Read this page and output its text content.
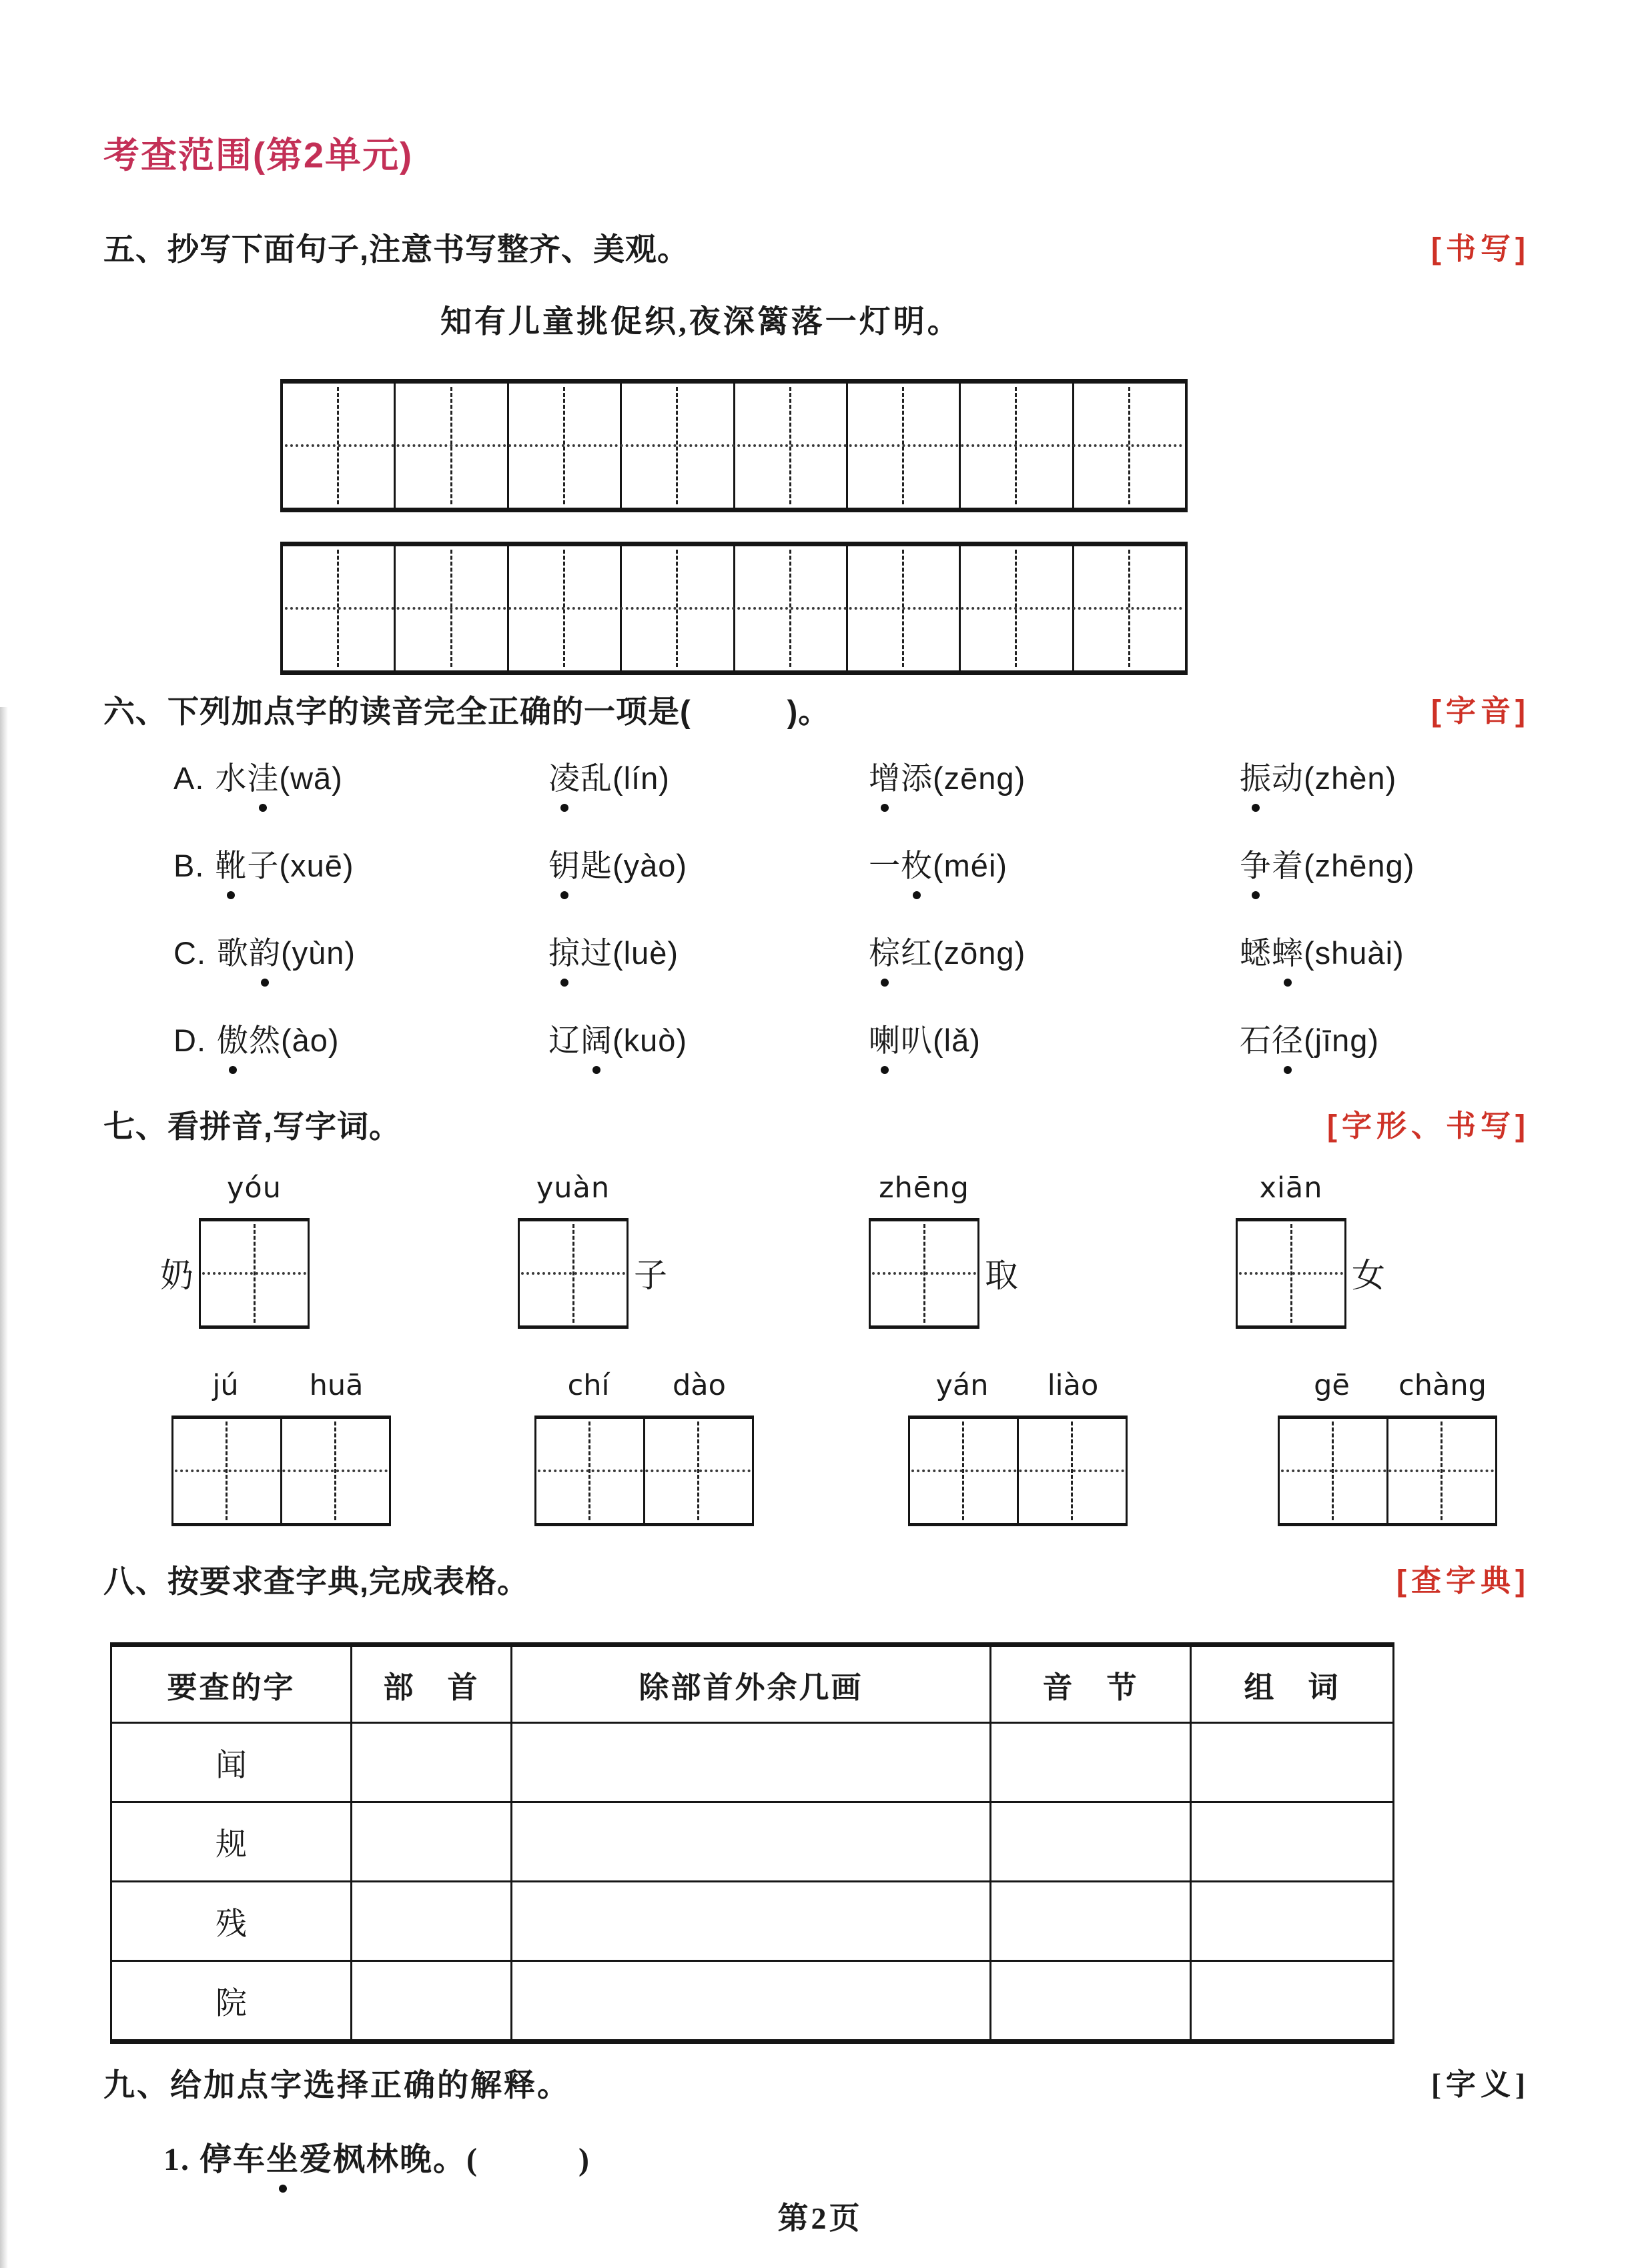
考查范围(第2单元)
五、抄写下面句子,注意书写整齐、美观。	[书写]
知有儿童挑促织,夜深篱落一灯明。
六、下列加点字的读音完全正确的一项是(　　　)。	[字音]
A. 水洼(wā)	凌乱(lín)	增添(zēng)	振动(zhèn)
B. 靴子(xuē)	钥匙(yào)	一枚(méi)	争着(zhēng)
C. 歌韵(yùn)	掠过(luè)	棕红(zōng)	蟋蟀(shuài)
D. 傲然(ào)	辽阔(kuò)	喇叭(lǎ)	石径(jīng)
七、看拼音,写字词。	[字形、书写]
奶
yóu	yuàn
子
zhēng
取
xiān
女
jú	huā	chí	dào	yán	liào	gē	chàng
八、按要求查字典,完成表格。	[查字典]
要查的字	部　首	除部首外余几画	音　节	组　词
闻				
规				
残				
院				
九、给加点字选择正确的解释。	[字义]
1. 停车坐爱枫林晚。(　　　)
第2页
